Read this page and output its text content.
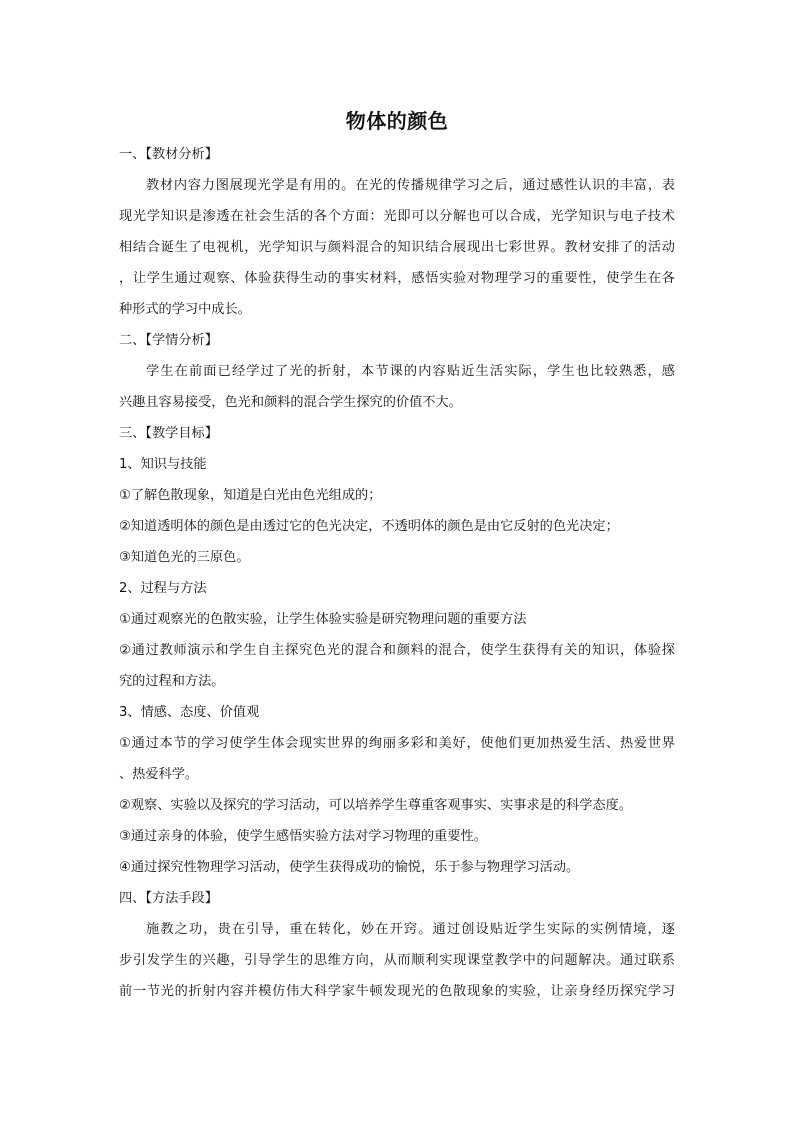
物体的颜色

一、【教材分析】

教材内容力图展现光学是有用的。在光的传播规律学习之后，通过感性认识的丰富，表

现光学知识是渗透在社会生活的各个方面：光即可以分解也可以合成，光学知识与电子技术

相结合诞生了电视机，光学知识与颜料混合的知识结合展现出七彩世界。教材安排了的活动

，让学生通过观察、体验获得生动的事实材料，感悟实验对物理学习的重要性，使学生在各

种形式的学习中成长。

二、【学情分析】

学生在前面已经学过了光的折射，本节课的内容贴近生活实际，学生也比较熟悉，感

兴趣且容易接受，色光和颜料的混合学生探究的价值不大。

三、【教学目标】

1、知识与技能

①了解色散现象，知道是白光由色光组成的；

②知道透明体的颜色是由透过它的色光决定，不透明体的颜色是由它反射的色光决定；

③知道色光的三原色。

2、过程与方法

①通过观察光的色散实验，让学生体验实验是研究物理问题的重要方法

②通过教师演示和学生自主探究色光的混合和颜料的混合，使学生获得有关的知识，体验探

究的过程和方法。

3、情感、态度、价值观

①通过本节的学习使学生体会现实世界的绚丽多彩和美好，使他们更加热爱生活、热爱世界

、热爱科学。

②观察、实验以及探究的学习活动，可以培养学生尊重客观事实、实事求是的科学态度。

③通过亲身的体验，使学生感悟实验方法对学习物理的重要性。

④通过探究性物理学习活动，使学生获得成功的愉悦，乐于参与物理学习活动。

四、【方法手段】

施教之功，贵在引导，重在转化，妙在开窍。通过创设贴近学生实际的实例情境，逐

步引发学生的兴趣，引导学生的思维方向，从而顺利实现课堂教学中的问题解决。通过联系

前一节光的折射内容并模仿伟大科学家牛顿发现光的色散现象的实验，让亲身经历探究学习
